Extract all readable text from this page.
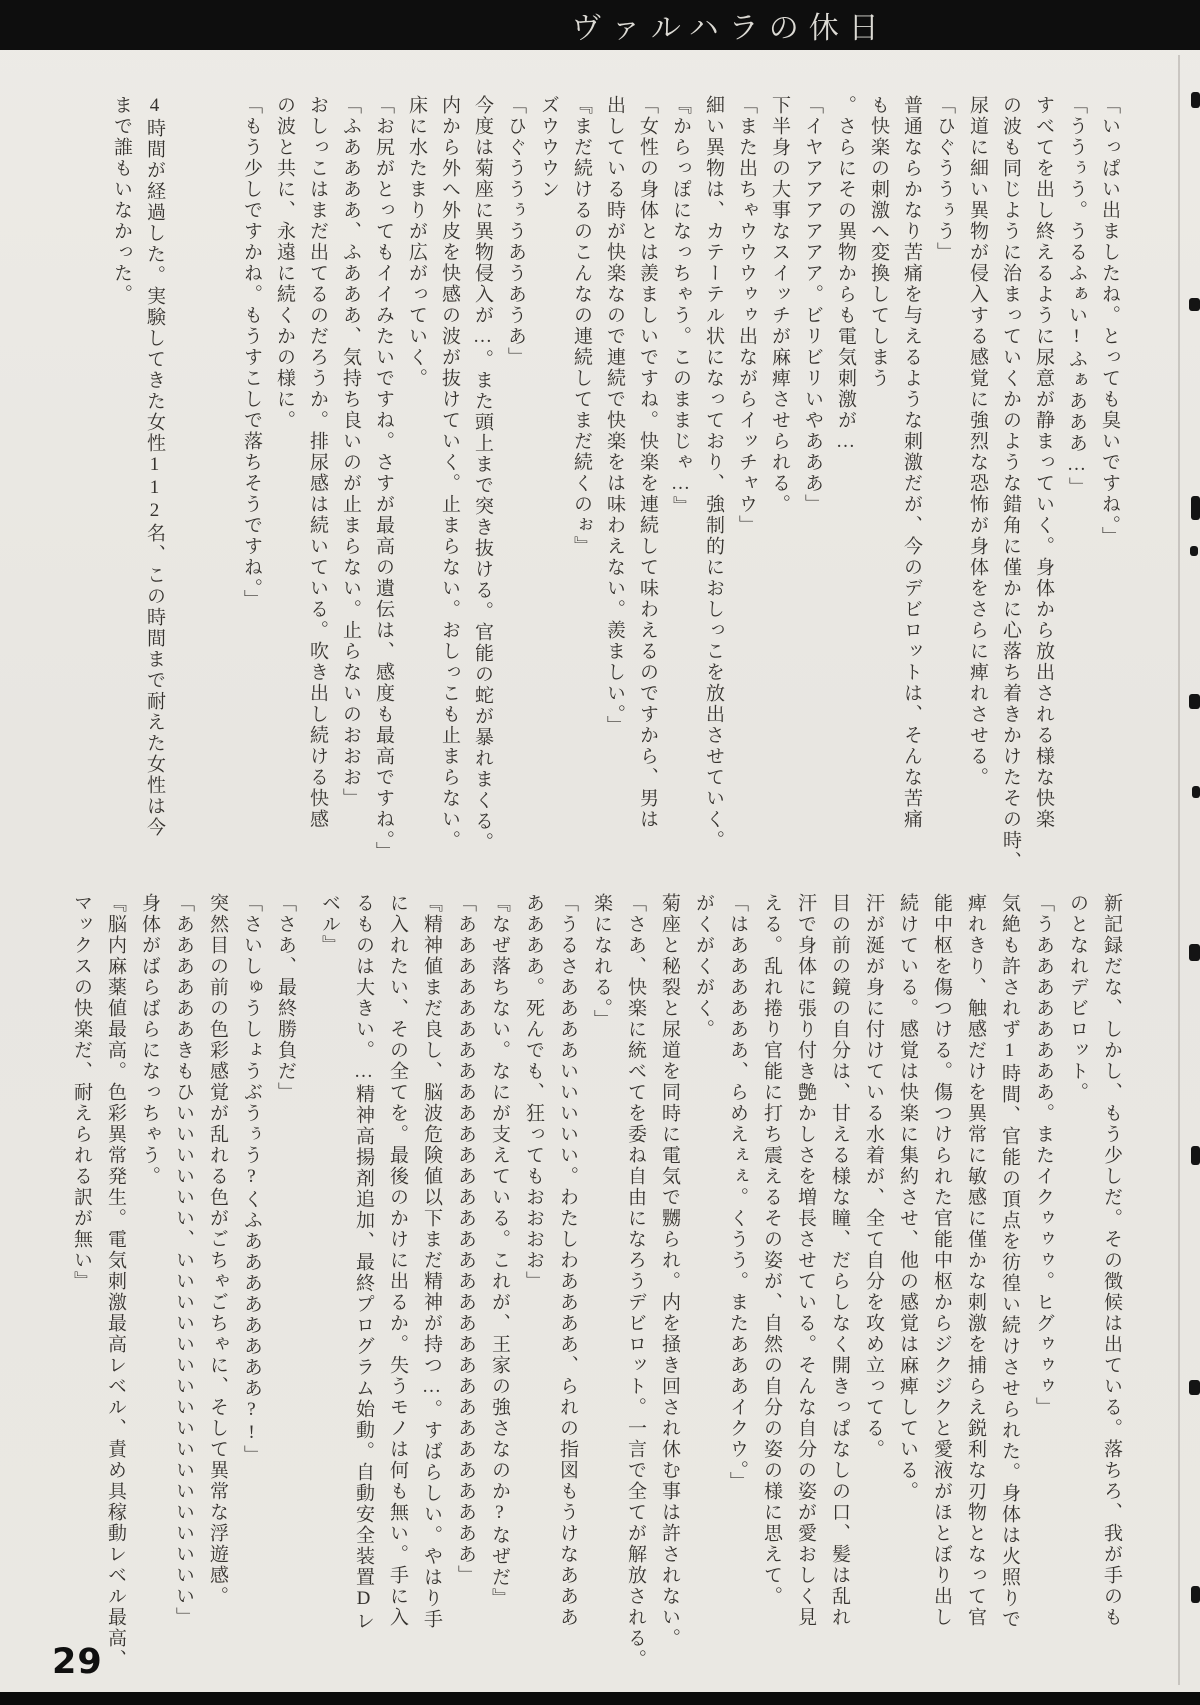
ヴァルハラの休日

「いっぱい出ましたね。とっても臭いですね。」

「ううぅう。うるふぁい!ふぁあああ…」

すべてを出し終えるように尿意が静まっていく。身体から放出される様な快楽

の波も同じように治まっていくかのような錯角に僅かに心落ち着きかけたその時、

尿道に細い異物が侵入する感覚に強烈な恐怖が身体をさらに痺れさせる。

「ひぐううぅう」

普通ならかなり苦痛を与えるような刺激だが、今のデビロットは、そんな苦痛

も快楽の刺激へ変換してしまう

。さらにその異物からも電気刺激が…

「イヤアアアアアア。ビリビリいやあああ」

下半身の大事なスイッチが麻痺させられる。

「また出ちゃウウウゥゥ出ながらイッチャウ」

細い異物は、カテーテル状になっており、強制的におしっこを放出させていく。

『からっぽになっちゃう。このままじゃ…』

「女性の身体とは羨ましいですね。快楽を連続して味わえるのですから、男は

出している時が快楽なので連続で快楽をは味わえない。羨ましい。」

『まだ続けるのこんなの連続してまだ続くのぉ』

ズウウウン

「ひぐううぅうあうあうあ」

今度は菊座に異物侵入が…。また頭上まで突き抜ける。官能の蛇が暴れまくる。

内から外へ外皮を快感の波が抜けていく。止まらない。おしっこも止まらない。

床に水たまりが広がっていく。

「お尻がとってもイイみたいですね。さすが最高の遺伝は、感度も最高ですね。」

「ふああああ、ふあああ、気持ち良いのが止まらない。止らないのおおお」

おしっこはまだ出てるのだろうか。排尿感は続いている。吹き出し続ける快感

の波と共に、永遠に続くかの様に。

「もう少しですかね。もうすこしで落ちそうですね。」

4時間が経過した。実験してきた女性112名、この時間まで耐えた女性は今

まで誰もいなかった。

新記録だな、しかし、もう少しだ。その徴候は出ている。落ちろ、我が手のも

のとなれデビロット。

「うああああああああ。またイクゥゥゥ。ヒグゥゥゥ」

気絶も許されず1時間、官能の頂点を彷徨い続けさせられた。身体は火照りで

痺れきり、触感だけを異常に敏感に僅かな刺激を捕らえ鋭利な刃物となって官

能中枢を傷つける。傷つけられた官能中枢からジクジクと愛液がほとぼり出し

続けている。感覚は快楽に集約させ、他の感覚は麻痺している。

汗が涎が身に付けている水着が、全て自分を攻め立ってる。

目の前の鏡の自分は、甘える様な瞳、だらしなく開きっぱなしの口、髪は乱れ

汗で身体に張り付き艶かしさを増長させている。そんな自分の姿が愛おしく見

える。乱れ捲り官能に打ち震えるその姿が、自然の自分の姿の様に思えて。

「はああああああ、らめえぇぇ。くうう。またあああイクウ。」

がくがくがく。

菊座と秘裂と尿道を同時に電気で嬲られ。内を掻き回され休む事は許されない。

「さあ、快楽に統べてを委ね自由になろうデビロット。一言で全てが解放される。

楽になれる。」

「うるさああああいいいいい。わたしわああああ、られの指図もうけなあああ

ああああ。死んでも、狂ってもおおおお」

『なぜ落ちない。なにが支えている。これが、王家の強さなのか?なぜだ』

「あああああああああああああああああああああああああああああああ」

『精神値まだ良し、脳波危険値以下まだ精神が持つ…。すばらしい。やはり手

に入れたい、その全てを。最後のかけに出るか。失うモノは何も無い。手に入

るものは大きい。…精神高揚剤追加、最終プログラム始動。自動安全装置Dレ

ベル』

「さあ、最終勝負だ」

「さいしゅうしょうぶうぅう?くふああああああああ?!」

突然目の前の色彩感覚が乱れる色がごちゃごちゃに、そして異常な浮遊感。

「ああああああきもひいいいいいい、いいいいいいいいいいいいいいいいい」

身体がばらばらになっちゃう。

『脳内麻薬値最高。色彩異常発生。電気刺激最高レベル、責め具稼動レベル最高、

マックスの快楽だ、耐えられる訳が無い』

29
